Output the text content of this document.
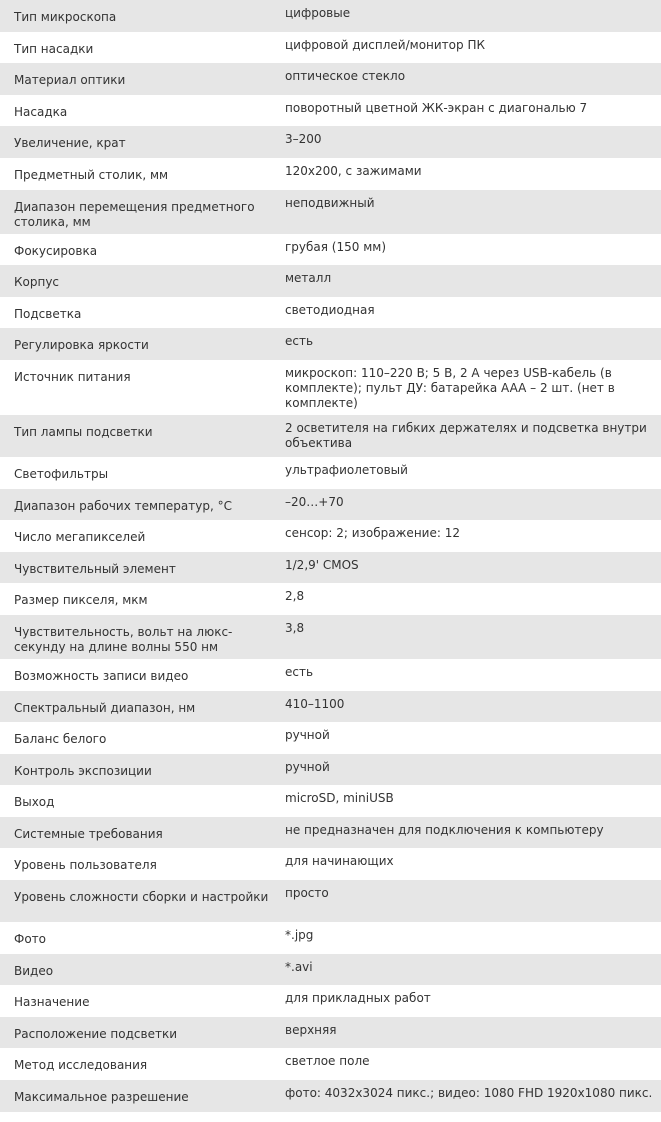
Тип микроскопа	цифровые
Тип насадки	цифровой дисплей/монитор ПК
Материал оптики	оптическое стекло
Насадка	поворотный цветной ЖК-экран с диагональю 7
Увеличение, крат	3–200
Предметный столик, мм	120x200, с зажимами
Диапазон перемещения предметного столика, мм	неподвижный
Фокусировка	грубая (150 мм)
Корпус	металл
Подсветка	светодиодная
Регулировка яркости	есть
Источник питания	микроскоп: 110–220 В; 5 В, 2 А через USB-кабель (в комплекте); пульт ДУ: батарейка AAA – 2 шт. (нет в комплекте)
Тип лампы подсветки	2 осветителя на гибких держателях и подсветка внутри объектива
Светофильтры	ультрафиолетовый
Диапазон рабочих температур, °С	–20…+70
Число мегапикселей	сенсор: 2; изображение: 12
Чувствительный элемент	1/2,9' CMOS
Размер пикселя, мкм	2,8
Чувствительность, вольт на люкс-секунду на длине волны 550 нм	3,8
Возможность записи видео	есть
Спектральный диапазон, нм	410–1100
Баланс белого	ручной
Контроль экспозиции	ручной
Выход	microSD, miniUSB
Системные требования	не предназначен для подключения к компьютеру
Уровень пользователя	для начинающих
Уровень сложности сборки и настройки	просто
Фото	*.jpg
Видео	*.avi
Назначение	для прикладных работ
Расположение подсветки	верхняя
Метод исследования	светлое поле
Максимальное разрешение	фото: 4032x3024 пикс.; видео: 1080 FHD 1920x1080 пикс.
